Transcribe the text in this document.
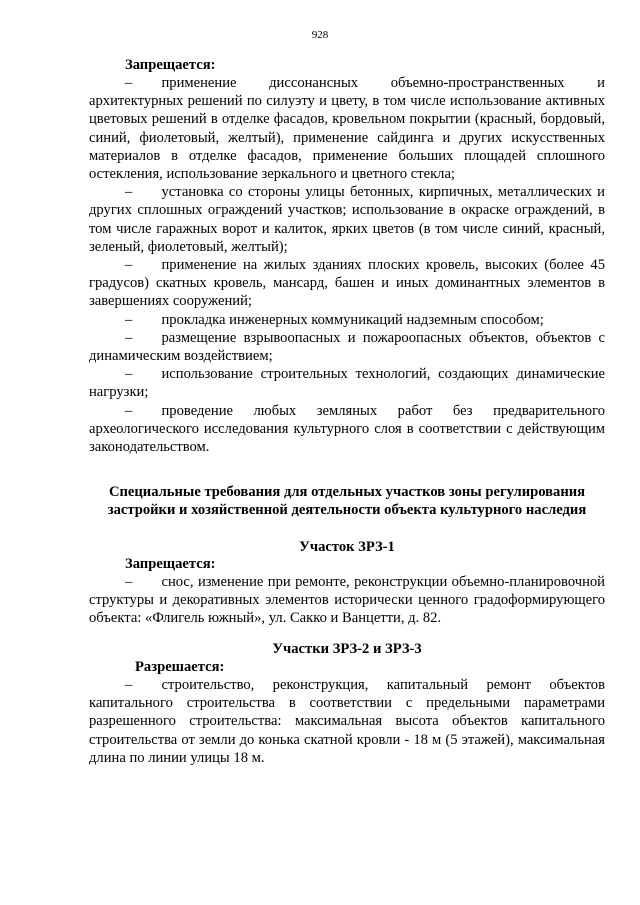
928
Запрещается:

–  применение диссонансных объемно-пространственных и архитектурных решений по силуэту и цвету, в том числе использование активных цветовых решений в отделке фасадов, кровельном покрытии (красный, бордовый, синий, фиолетовый, желтый), применение сайдинга и других искусственных материалов в отделке фасадов, применение больших площадей сплошного остекления, использование зеркального и цветного стекла;

–  установка со стороны улицы бетонных, кирпичных, металлических и других сплошных ограждений участков; использование в окраске ограждений, в том числе гаражных ворот и калиток, ярких цветов (в том числе синий, красный, зеленый, фиолетовый, желтый);

–  применение на жилых зданиях плоских кровель, высоких (более 45 градусов) скатных кровель, мансард, башен и иных доминантных элементов в завершениях сооружений;

–  прокладка инженерных коммуникаций надземным способом;

–  размещение взрывоопасных и пожароопасных объектов, объектов с динамическим воздействием;

–  использование строительных технологий, создающих динамические нагрузки;

–  проведение любых земляных работ без предварительного археологического исследования культурного слоя в соответствии с действующим законодательством.

Специальные требования для отдельных участков зоны регулирования
застройки и хозяйственной деятельности объекта культурного наследия
Участок ЗРЗ-1
Запрещается:

–  снос, изменение при ремонте, реконструкции объемно-планировочной структуры и декоративных элементов исторически ценного градоформирующего объекта: «Флигель южный», ул. Сакко и Ванцетти, д. 82.

Участки ЗРЗ-2 и ЗРЗ-3
Разрешается:

–  строительство, реконструкция, капитальный ремонт объектов капитального строительства в соответствии с предельными параметрами разрешенного строительства: максимальная высота объектов капитального строительства от земли до конька скатной кровли - 18 м (5 этажей), максимальная длина по линии улицы 18 м.
